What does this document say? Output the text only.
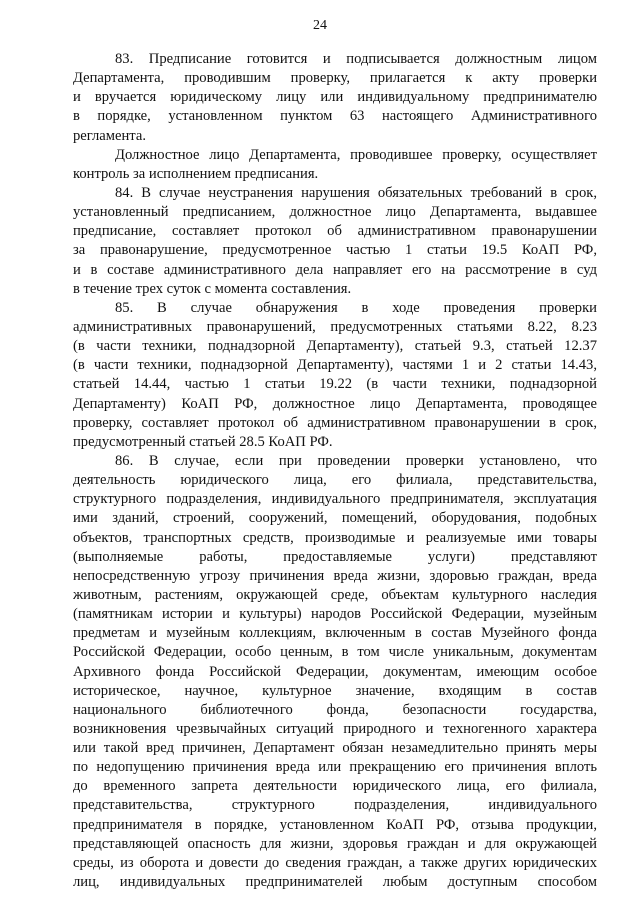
24
83. Предписание готовится и подписывается должностным лицом
Департамента, проводившим проверку, прилагается к акту проверки
и вручается юридическому лицу или индивидуальному предпринимателю
в порядке, установленном пунктом 63 настоящего Административного
регламента.
Должностное лицо Департамента, проводившее проверку, осуществляет
контроль за исполнением предписания.
84. В случае неустранения нарушения обязательных требований в срок,
установленный предписанием, должностное лицо Департамента, выдавшее
предписание, составляет протокол об административном правонарушении
за правонарушение, предусмотренное частью 1 статьи 19.5 КоАП РФ,
и в составе административного дела направляет его на рассмотрение в суд
в течение трех суток с момента составления.
85. В случае обнаружения в ходе проведения проверки
административных правонарушений, предусмотренных статьями 8.22, 8.23
(в части техники, поднадзорной Департаменту), статьей 9.3, статьей 12.37
(в части техники, поднадзорной Департаменту), частями 1 и 2 статьи 14.43,
статьей 14.44, частью 1 статьи 19.22 (в части техники, поднадзорной
Департаменту) КоАП РФ, должностное лицо Департамента, проводящее
проверку, составляет протокол об административном правонарушении в срок,
предусмотренный статьей 28.5 КоАП РФ.
86. В случае, если при проведении проверки установлено, что
деятельность юридического лица, его филиала, представительства,
структурного подразделения, индивидуального предпринимателя, эксплуатация
ими зданий, строений, сооружений, помещений, оборудования, подобных
объектов, транспортных средств, производимые и реализуемые ими товары
(выполняемые работы, предоставляемые услуги) представляют
непосредственную угрозу причинения вреда жизни, здоровью граждан, вреда
животным, растениям, окружающей среде, объектам культурного наследия
(памятникам истории и культуры) народов Российской Федерации, музейным
предметам и музейным коллекциям, включенным в состав Музейного фонда
Российской Федерации, особо ценным, в том числе уникальным, документам
Архивного фонда Российской Федерации, документам, имеющим особое
историческое, научное, культурное значение, входящим в состав
национального библиотечного фонда, безопасности государства,
возникновения чрезвычайных ситуаций природного и техногенного характера
или такой вред причинен, Департамент обязан незамедлительно принять меры
по недопущению причинения вреда или прекращению его причинения вплоть
до временного запрета деятельности юридического лица, его филиала,
представительства, структурного подразделения, индивидуального
предпринимателя в порядке, установленном КоАП РФ, отзыва продукции,
представляющей опасность для жизни, здоровья граждан и для окружающей
среды, из оборота и довести до сведения граждан, а также других юридических
лиц, индивидуальных предпринимателей любым доступным способом
